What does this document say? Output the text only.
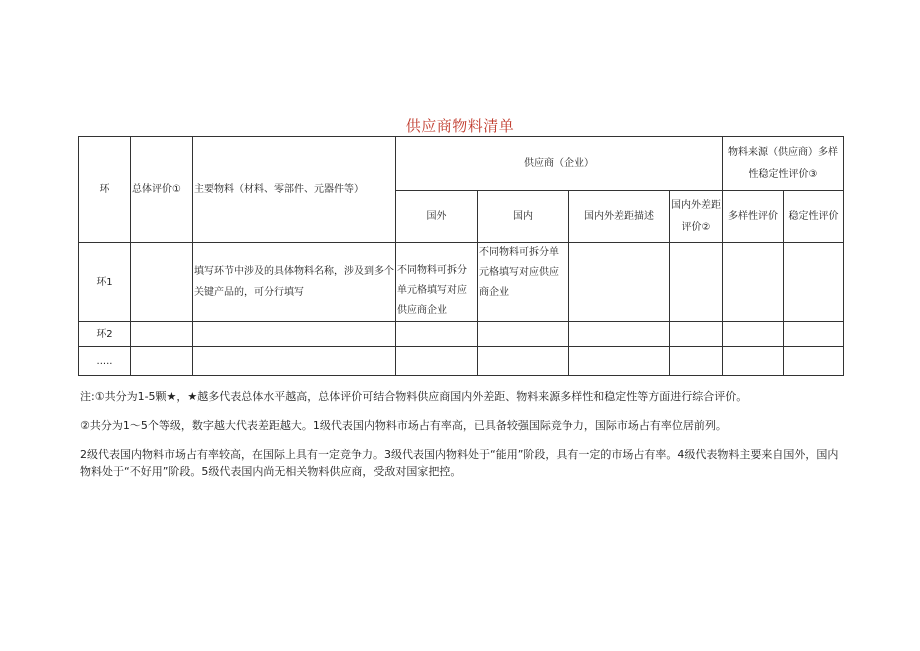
供应商物料清单
环	总体评价①	主要物料（材料、零部件、元器件等）	供应商（企业）				物料来源（供应商）多样性稳定性评价③	
			国外	国内	国内外差距描述	国内外差距评价②	多样性评价	稳定性评价
环1		填写环节中涉及的具体物料名称，涉及到多个关键产品的，可分行填写	不同物料可拆分单元格填写对应供应商企业	不同物料可拆分单元格填写对应供应商企业				
环2								
.....								

注:①共分为1-5颗★，★越多代表总体水平越高，总体评价可结合物料供应商国内外差距、物料来源多样性和稳定性等方面进行综合评价。

②共分为1～5个等级，数字越大代表差距越大。1级代表国内物料市场占有率高，已具备较强国际竞争力，国际市场占有率位居前列。

2级代表国内物料市场占有率较高，在国际上具有一定竞争力。3级代表国内物料处于“能用”阶段，具有一定的市场占有率。4级代表物料主要来自国外，国内物料处于“不好用”阶段。5级代表国内尚无相关物料供应商，受敌对国家把控。
